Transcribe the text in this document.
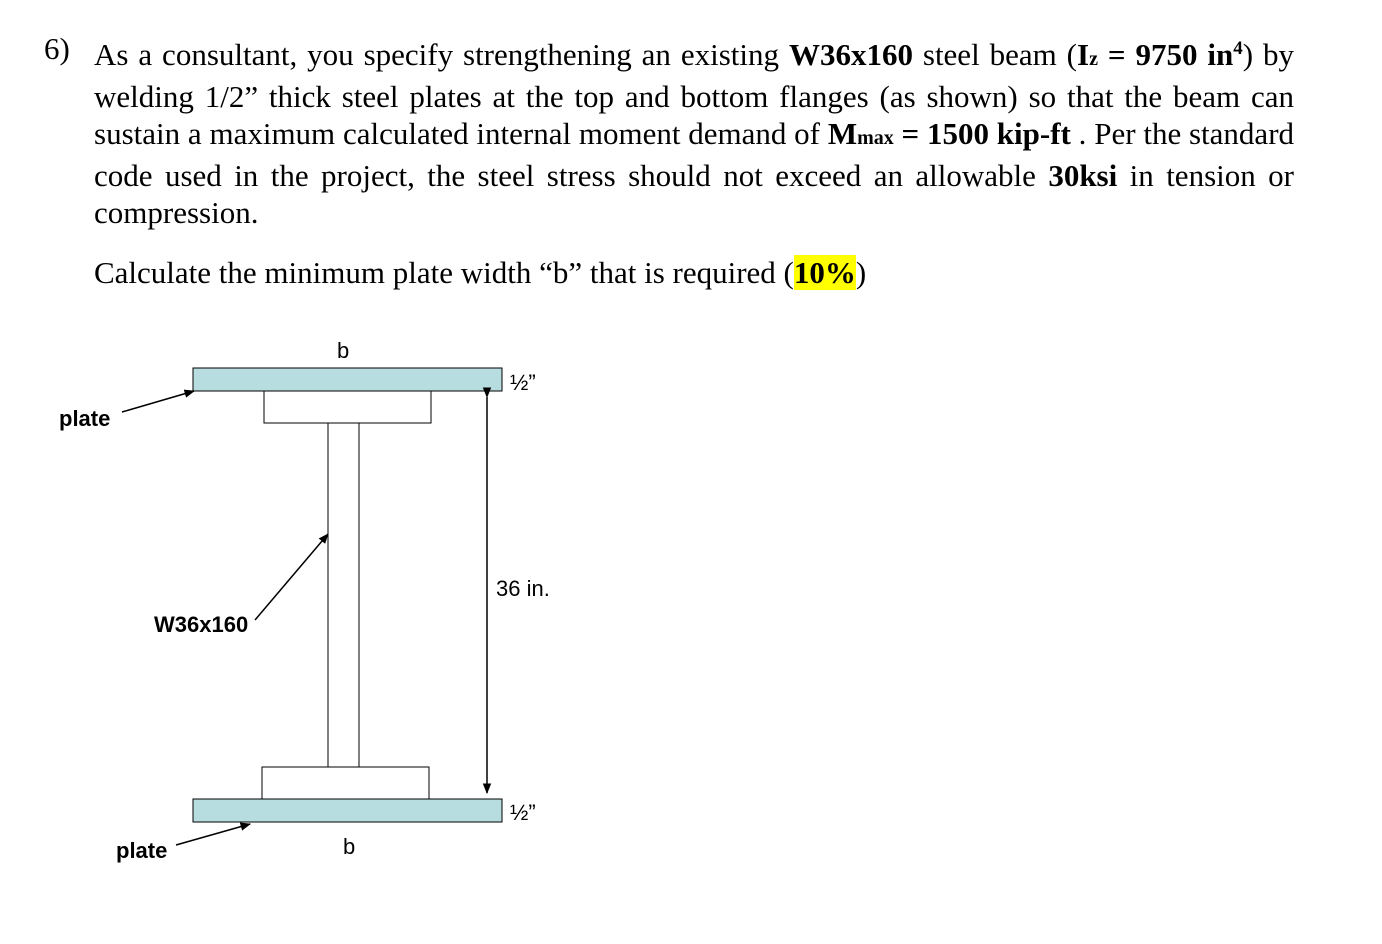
6) As a consultant, you specify strengthening an existing W36x160 steel beam (Iz = 9750 $in^4$) by welding 1/2” thick steel plates at the top and bottom flanges (as shown) so that the beam can sustain a maximum calculated internal moment demand of Mmax = 1500 kip-ft . Per the standard code used in the project, the steel stress should not exceed an allowable 30ksi in tension or compression.
Calculate the minimum plate width “b” that is required (10%)
b
b
½”
½”
36 in.
plate
plate
W36x160
